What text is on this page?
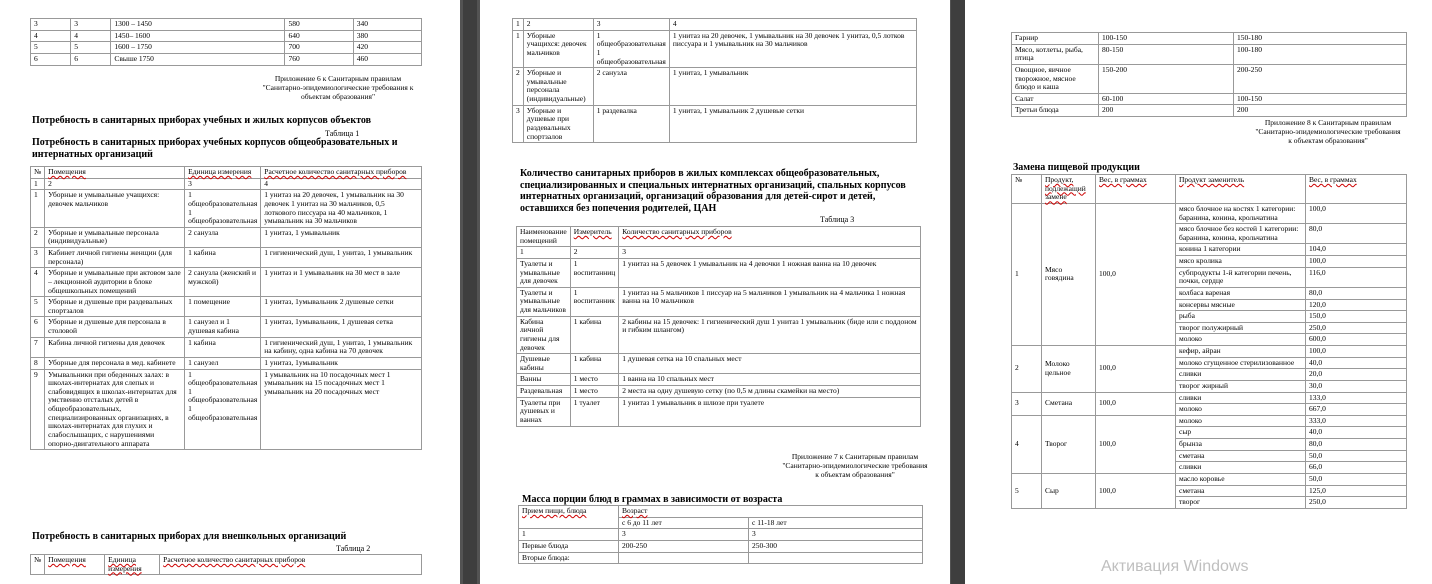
3	3	1300 – 1450	580	340
4	4	1450– 1600	640	380
5	5	1600 – 1750	700	420
6	6	Свыше 1750	760	460
Приложение 6 к Санитарным правилам "Санитарно-эпидемиологические требования к объектам образования"
Потребность в санитарных приборах учебных и жилых корпусов объектов
Таблица 1
Потребность в санитарных приборах учебных корпусов общеобразовательных и интернатных организаций
№	Помещения	Единица измерения	Расчетное количество санитарных приборов
1	2	3	4
1	Уборные и умывальные учащихся: девочек мальчиков	1 общеобразовательная 1 общеобразовательная	1 унитаз на 20 девочек, 1 умывальник на 30 девочек 1 унитаз на 30 мальчиков, 0,5 лоткового писсуара на 40 мальчиков, 1 умывальник на 30 мальчиков
2	Уборные и умывальные персонала (индивидуальные)	2 санузла	1 унитаз, 1 умывальник
3	Кабинет личной гигиены женщин (для персонала)	1 кабина	1 гигиенический душ, 1 унитаз, 1 умывальник
4	Уборные и умывальные при актовом зале – лекционной аудитории в блоке общешкольных помещений	2 санузла (женский и мужской)	1 унитаз и 1 умывальник на 30 мест в зале
5	Уборные и душевые при раздевальных спортзалов	1 помещение	1 унитаз, 1умывальник 2 душевые сетки
6	Уборные и душевые для персонала в столовой	1 санузел и 1 душевая кабина	1 унитаз, 1умывальник, 1 душевая сетка
7	Кабина личной гигиены для девочек	1 кабина	1 гигиенический душ, 1 унитаз, 1 умывальник на кабину, одна кабина на 70 девочек
8	Уборные для персонала в мед. кабинете	1 санузел	1 унитаз, 1умывальник
9	Умывальники при обеденных залах: в школах-интернатах для слепых и слабовидящих в школах-интернатах для умственно отсталых детей в общеобразовательных, специализированных организациях, в школах-интернатах для глухих и слабослышащих, с нарушениями опорно-двигательного аппарата	1 общеобразовательная 1 общеобразовательная 1 общеобразовательная	1 умывальник на 10 посадочных мест 1 умывальник на 15 посадочных мест 1 умывальник на 20 посадочных мест
Потребность в санитарных приборах для внешкольных организаций
Таблица 2
№	Помещения	Единица измерения	Расчетное количество санитарных приборов
1	2	3	4
1	Уборные учащихся: девочек мальчиков	1 общеобразовательная 1 общеобразовательная	1 унитаз на 20 девочек, 1 умывальник на 30 девочек 1 унитаз, 0,5 лотков писсуара и 1 умывальник на 30 мальчиков
2	Уборные и умывальные персонала (индивидуальные)	2 санузла	1 унитаз, 1 умывальник
3	Уборные и душевые при раздевальных спортзалов	1 раздевалка	1 унитаз, 1 умывальник 2 душевые сетки
Количество санитарных приборов в жилых комплексах общеобразовательных, специализированных и специальных интернатных организаций, спальных корпусов интернатных организаций, организаций образования для детей-сирот и детей, оставшихся без попечения родителей, ЦАН
Таблица 3
Наименование помещений	Измеритель	Количество санитарных приборов
1	2	3
Туалеты и умывальные для девочек	1 воспитанниц	1 унитаз на 5 девочек 1 умывальник на 4 девочки 1 ножная ванна на 10 девочек
Туалеты и умывальные для мальчиков	1 воспитанник	1 унитаз на 5 мальчиков 1 писсуар на 5 мальчиков 1 умывальник на 4 мальчика 1 ножная ванна на 10 мальчиков
Кабина личной гигиены для девочек	1 кабина	2 кабины на 15 девочек: 1 гигиенический душ 1 унитаз 1 умывальник (биде или с поддоном и гибким шлангом)
Душевые кабины	1 кабина	1 душевая сетка на 10 спальных мест
Ванны	1 место	1 ванна на 10 спальных мест
Раздевальная	1 место	2 места на одну душевую сетку (по 0,5 м длины скамейки на место)
Туалеты при душевых и ваннах	1 туалет	1 унитаз 1 умывальник в шлюзе при туалете
Приложение 7 к Санитарным правилам "Санитарно-эпидемиологические требования к объектам образования"
Масса порции блюд в граммах в зависимости от возраста
Прием пищи, блюда	Возраст	
	с 6 до 11 лет	с 11-18 лет
1	3	3
Первые блюда	200-250	250-300
Вторые блюда:		
Гарнир	100-150	150-180
Мясо, котлеты, рыба, птица	80-150	100-180
Овощное, яичное творожное, мясное блюдо и каша	150-200	200-250
Салат	60-100	100-150
Третьи блюда	200	200
Приложение 8 к Санитарным правилам "Санитарно-эпидемиологические требования к объектам образования"
Замена пищевой продукции
№	Продукт, подлежащий замене	Вес, в граммах	Продукт заменитель	Вес, в граммах
1	Мясо говядина	100,0	мясо блочное на костях 1 категории: баранина, конина, крольчатина	100,0
			мясо блочное без костей 1 категории: баранина, конина, крольчатина	80,0
			конина 1 категории	104,0
			мясо кролика	100,0
			субпродукты 1-й категории печень, почки, сердце	116,0
			колбаса вареная	80,0
			консервы мясные	120,0
			рыба	150,0
			творог полужирный	250,0
			молоко	600,0
2	Молоко цельное	100,0	кефир, айран	100,0
			молоко сгущенное стерилизованное	40,0
			сливки	20,0
			творог жирный	30,0
3	Сметана	100,0	сливки	133,0
			молоко	667,0
4	Творог	100,0	молоко	333,0
			сыр	40,0
			брынза	80,0
			сметана	50,0
			сливки	66,0
5	Сыр	100,0	масло коровье	50,0
			сметана	125,0
			творог	250,0
Активация Windows
